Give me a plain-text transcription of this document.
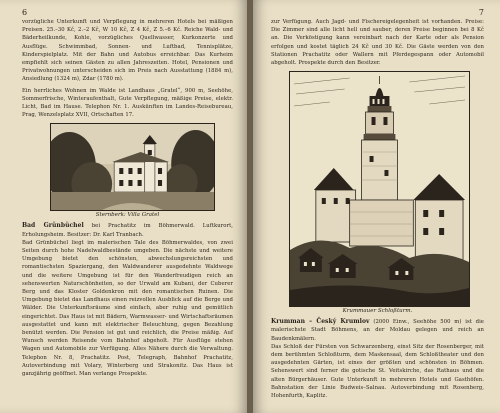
6

vorzügliche Unterkunft und Verpflegung in mehreren Hotels bei mäßigen Preisen. 25.–30 Kč, 2.–2 Kč, W 10 Kč, Z 4 Kč, Z 5.–6 Kč. Reiche Wald- und Bäderheilkunde, Kohle, vorzügliches Quellwasser, Kurkonzerte und Ausflüge. Schwimmbad, Sonnen- und Luftbad, Tennisplätze, Kinderspielplatz. Mit der Bahn und Autobus erreichbar. Das Kurheim empfiehlt sich seinen Gästen zu allen Jahreszeiten. Hotel, Pensionen und Privatwohnungen unterscheiden sich im Preis nach Ausstattung (1884 m), Ansiedlung (1324 m), Zdar (1780 m).

Ein herrliches Wohnen im Walde ist Landhaus „Gratel“, 900 m, Seehöhe, Sommerfrische, Winteraufenthalt, Gute Verpflegung, mäßige Preise, elektr. Licht, Bad im Hause. Telephon Nr. 1. Auskünften im Landes-Reisebureau, Prag, Wenzelsplatz XVII, Ortschaften 17.

Sternberk: Villa Gratel

Bad Grünbüchel bei Prachatitz im Böhmerwald. Luftkurort, Erholungsheim. Besitzer: Dr. Karl Tranbach.

Bad Grünbüchel liegt im malerischen Tale des Böhmerwaldes, von zwei Seiten durch hohe Nadelwaldbestände umgeben. Die nächste und weitere Umgebung bietet den schönsten, abwechslungsreichsten und romantischsten Spaziergang, den Waldwanderer ausgedehnte Waldwege und die weitere Umgebung ist für den Wanderfreudigen reich an sehenswerten Naturschönheiten, so der Urwald am Kubani, der Cuberer Berg und das Kloster Goldenkron mit den romantischen Ruinen. Die Umgebung bietet das Landhaus einen reizvollen Ausblick auf die Berge und Wälder. Die Unterkunftsräume sind einfach, aber ruhig und gemütlich eingerichtet. Das Haus ist mit Bädern, Warmwasser- und Wirtschaftsräumen ausgestattet und kann mit elektrischer Beleuchtung, gegen Bezahlung benützt werden. Die Pension ist gut und reichlich, die Preise mäßig. Auf Wunsch werden Reisende vom Bahnhof abgeholt. Für Ausflüge stehen Wagen und Automobile zur Verfügung. Alles Nähere durch die Verwaltung. Telephon Nr. 8, Prachatitz. Post, Telegraph, Bahnhof Prachatitz, Autoverbindung mit Volary, Winterberg und Strakonitz. Das Haus ist ganzjährig geöffnet. Man verlange Prospekte.

7

zur Verfügung. Auch Jagd- und Fischereigelegenheit ist vorhanden. Preise: Die Zimmer sind alle licht hell und sauber, deren Preise beginnen bei 8 Kč an. Die Verköstigung kann vereinbart nach der Karte oder als Pension erfolgen und kostet täglich 24 Kč und 30 Kč. Die Gäste werden von den Stationen Prachatitz oder Wallern mit Pferdegespann oder Automobil abgeholt. Prospekte durch den Besitzer.

Krummauer Schloßturm.

Krumman – Český Krumlov (2000 Einw., Seehöhe 500 m) ist die malerischste Stadt Böhmens, an der Moldau gelegen und reich an Baudenkmälern.

Das Schloß der Fürsten von Schwarzenberg, einst Sitz der Rosenberger, mit dem berühmten Schloßturm, dem Maskensaal, dem Schloßtheater und den ausgedehnten Gärten, ist eines der größten und schönsten in Böhmen. Sehenswert sind ferner die gotische St. Veitskirche, das Rathaus und die alten Bürgerhäuser. Gute Unterkunft in mehreren Hotels und Gasthöfen. Bahnstation der Linie Budweis–Salnau. Autoverbindung mit Rosenberg, Hohenfurth, Kaplitz.
